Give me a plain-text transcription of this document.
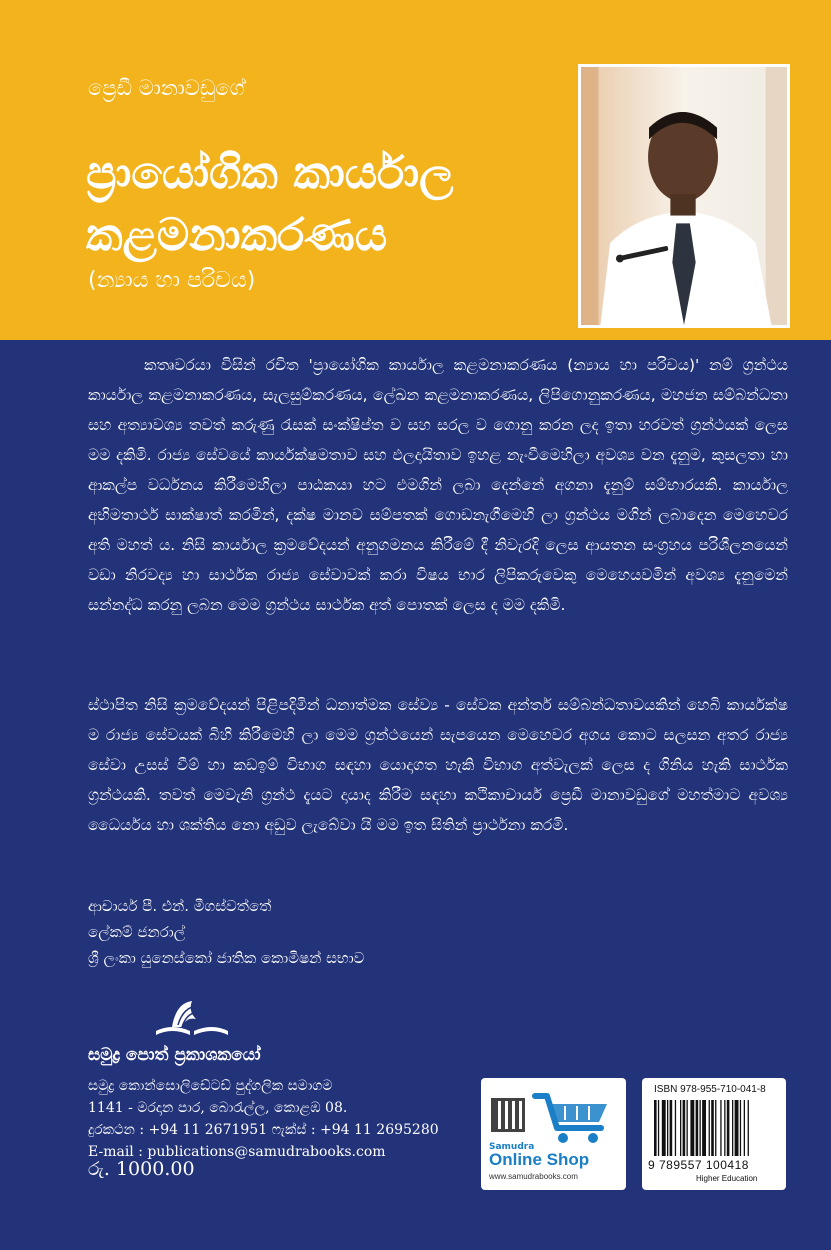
ප්‍රෙඩී මානාවඩුගේ
ප්‍රායෝගික කාර්යාල
කළමනාකරණය
(න්‍යාය හා පරිචය)

කතෘවරයා විසින් රචිත 'ප්‍රායෝගික කාර්යාල කළමනාකරණය (න්‍යාය හා පරිචය)' නම් ග්‍රන්ථය කාර්යාල කළමනාකරණය, සැලසුම්කරණය, ලේඛන කළමනාකරණය, ලිපිගොනුකරණය, මහජන සම්බන්ධතා සහ අත්‍යාවශ්‍ය තවත් කරුණු රැසක් සංක්ෂිප්ත ව සහ සරල ව ගොනු කරන ලද ඉතා හරවත් ග්‍රන්ථයක් ලෙස මම දකිමි. රාජ්‍ය සේවයේ කාර්යක්ෂමතාව සහ ඵලදායිතාව ඉහළ නැංවීමෙහිලා අවශ්‍ය වන දැනුම, කුසලතා හා ආකල්ප වර්ධනය කිරීමෙහිලා පාඨකයා හට එමගින් ලබා දෙන්නේ අගනා දැනුම් සම්භාරයකි. කාර්යාල අභිමතාර්ථ සාක්ෂාත් කරමින්, දක්ෂ මානව සම්පතක් ගොඩනැගීමෙහි ලා ග්‍රන්ථය මගින් ලබාදෙන මෙහෙවර අති මහත් ය. නිසි කාර්යාල ක්‍රමවේදයන් අනුගමනය කිරීමේ දී නිවැරදි ලෙස ආයතන සංග්‍රහය පරිශීලනයෙන් වඩා නිරවද්‍ය හා සාර්ථක රාජ්‍ය සේවාවක් කරා විෂය භාර ලිපිකරුවෙකු මෙහෙයවමින් අවශ්‍ය දැනුමෙන් සන්නද්ධ කරනු ලබන මෙම ග්‍රන්ථය සාර්ථක අත් පොතක් ලෙස ද මම දකිමි.

ස්ථාපිත නිසි ක්‍රමවේදයන් පිළිපදිමින් ධනාත්මක සේව්‍ය - සේවක අන්තර් සම්බන්ධතාවයකින් හෙබි කාර්යක්ෂ ම රාජ්‍ය සේවයක් බිහි කිරීමෙහි ලා මෙම ග්‍රන්ථයෙන් සැපයෙන මෙහෙවර අගය කොට සලසන අතර රාජ්‍ය සේවා උසස් වීම් හා කඩඉම් විභාග සඳහා යොදාගත හැකි විභාග අත්වැලක් ලෙස ද ගිනිය හැකි සාර්ථක ග්‍රන්ථයකි. තවත් මෙවැනි ග්‍රන්ථ දැයට දායාද කිරීම සඳහා කථිකාචාර්ය ප්‍රෙඩී මානාවඩුගේ මහත්මාට අවශ්‍ය ධෛර්යය හා ශක්තිය නො අඩුව ලැබේවා යි මම ඉත සිතින් ප්‍රාර්ථනා කරමි.

ආචාර්ය පී. එන්. මීගස්වත්තේ
ලේකම් ජනරාල්
ශ්‍රී ලංකා යුනෙස්කෝ ජාතික කොමිෂන් සභාව
සමුද්‍ර පොත් ප්‍රකාශකයෝ
සමුද්‍ර කොන්සොලිඩේටඩ් පුද්ගලික සමාගම
1141 - මරදාන පාර, බොරැල්ල, කොළඹ 08.
දුරකථන : +94 11 2671951 ෆැක්ස් : +94 11 2695280
E-mail : publications@samudrabooks.com
රු. 1000.00
Samudra
Online Shop
www.samudrabooks.com
ISBN 978-955-710-041-8
9 789557 100418
Higher Education
